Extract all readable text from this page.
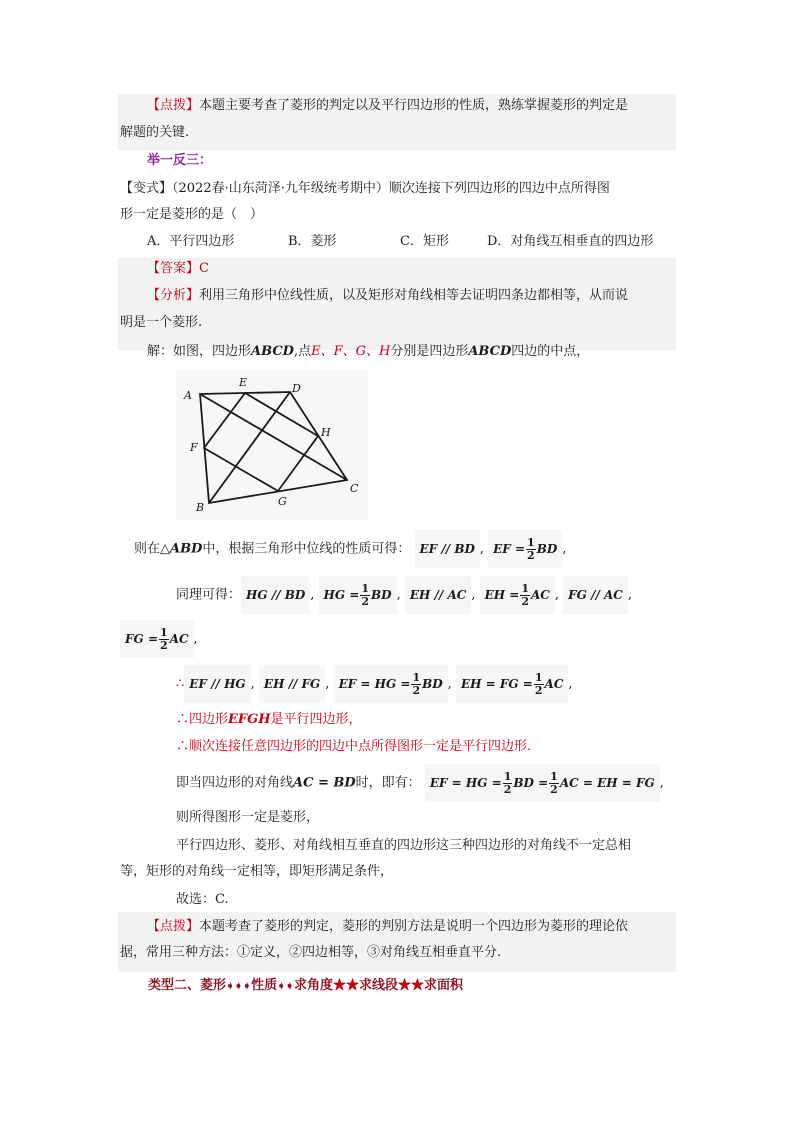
【点拨】本题主要考查了菱形的判定以及平行四边形的性质，熟练掌握菱形的判定是
解题的关键.
举一反三：
【变式】（2022春·山东菏泽·九年级统考期中）顺次连接下列四边形的四边中点所得图
形一定是菱形的是（　）
A．平行四边形	B．菱形	C．矩形	D．对角线互相垂直的四边形
【答案】C
【分析】利用三角形中位线性质，以及矩形对角线相等去证明四条边都相等，从而说
明是一个菱形.
解：如图，四边形ABCD,点E、F、G、H分别是四边形ABCD四边的中点，
A
B
C
D
E
F
G
H
则在△ABD中，根据三角形中位线的性质可得： EF // BD , EF = $\frac{1}{2}$ BD ,
同理可得： HG // BD , HG = $\frac{1}{2}$ BD , EH // AC , EH = $\frac{1}{2}$ AC , FG // AC ,
FG = $\frac{1}{2}$ AC ,
∴ EF // HG , EH // FG , EF = HG = $\frac{1}{2}$ BD , EH = FG = $\frac{1}{2}$ AC ,
∴四边形EFGH是平行四边形，
∴顺次连接任意四边形的四边中点所得图形一定是平行四边形.
即当四边形的对角线AC = BD时，即有： EF = HG = $\frac{1}{2}$ BD = $\frac{1}{2}$ AC = EH = FG ,
则所得图形一定是菱形，
平行四边形、菱形、对角线相互垂直的四边形这三种四边形的对角线不一定总相
等，矩形的对角线一定相等，即矩形满足条件，
故选：C.
【点拨】本题考查了菱形的判定，菱形的判别方法是说明一个四边形为菱形的理论依
据，常用三种方法：①定义，②四边相等，③对角线互相垂直平分.
类型二、菱形➧➧➧性质➧➧求角度★★求线段★★求面积
